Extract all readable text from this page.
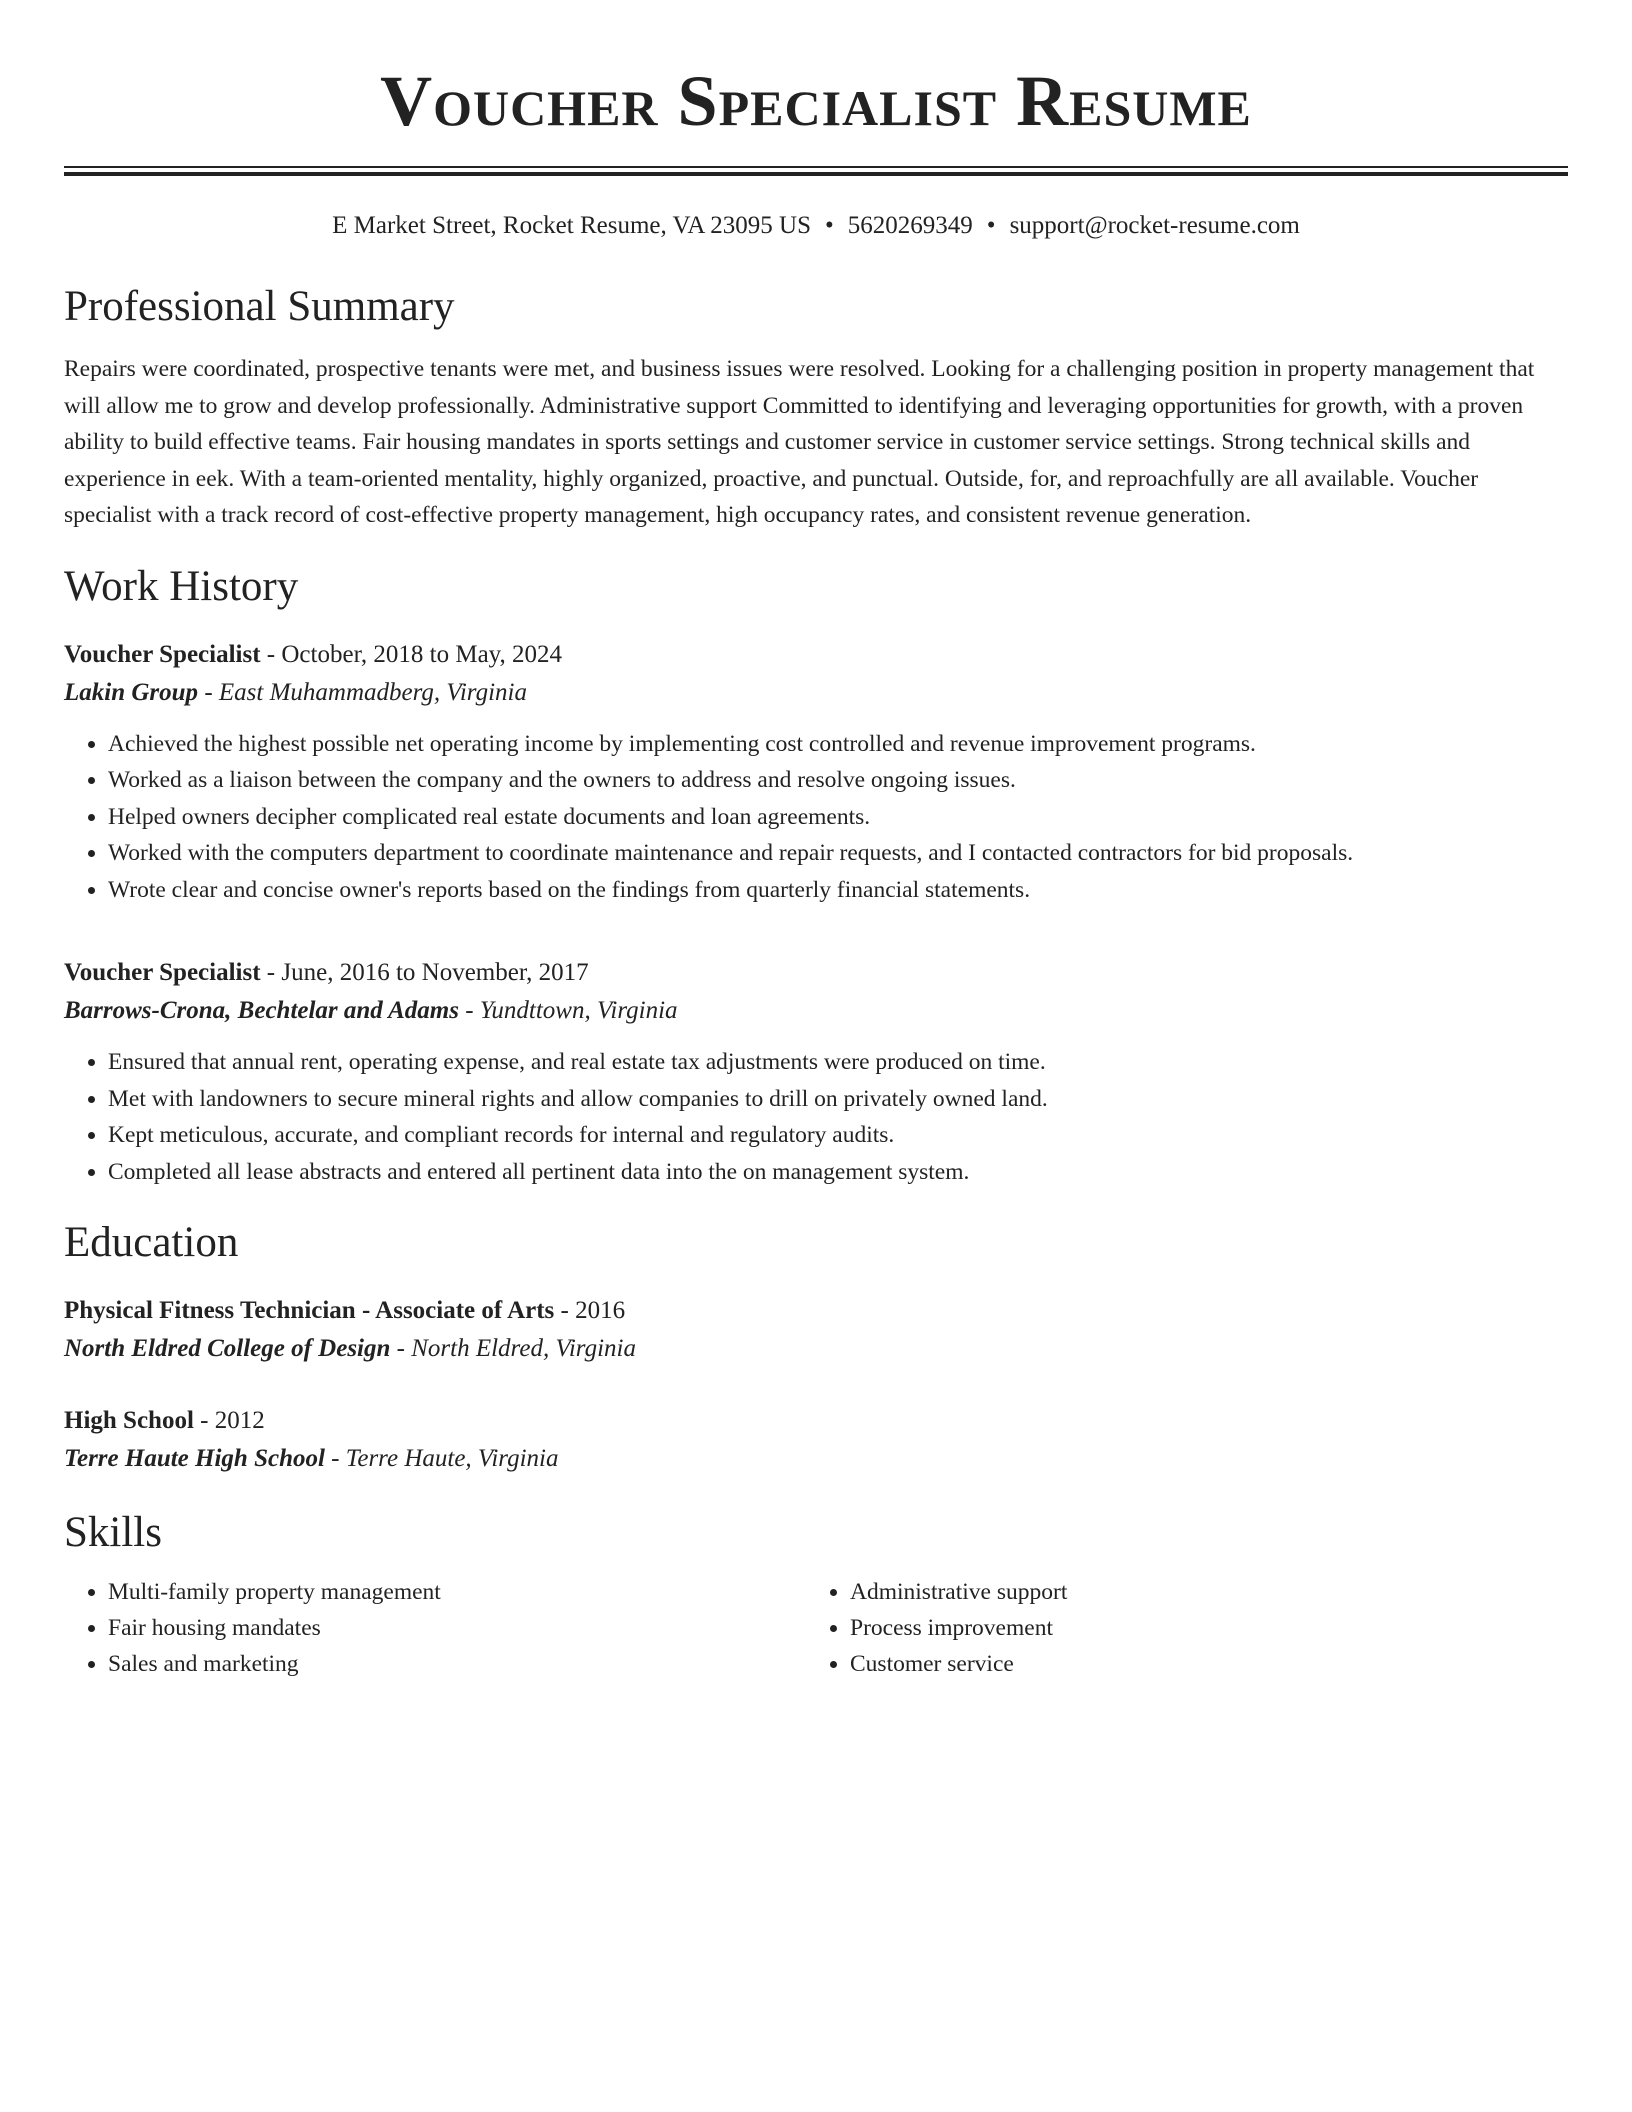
Voucher Specialist Resume
E Market Street, Rocket Resume, VA 23095 US • 5620269349 • support@rocket-resume.com
Professional Summary
Repairs were coordinated, prospective tenants were met, and business issues were resolved. Looking for a challenging position in property management that will allow me to grow and develop professionally. Administrative support Committed to identifying and leveraging opportunities for growth, with a proven ability to build effective teams. Fair housing mandates in sports settings and customer service in customer service settings. Strong technical skills and experience in eek. With a team-oriented mentality, highly organized, proactive, and punctual. Outside, for, and reproachfully are all available. Voucher specialist with a track record of cost-effective property management, high occupancy rates, and consistent revenue generation.
Work History
Voucher Specialist - October, 2018 to May, 2024
Lakin Group - East Muhammadberg, Virginia
• Achieved the highest possible net operating income by implementing cost controlled and revenue improvement programs.
• Worked as a liaison between the company and the owners to address and resolve ongoing issues.
• Helped owners decipher complicated real estate documents and loan agreements.
• Worked with the computers department to coordinate maintenance and repair requests, and I contacted contractors for bid proposals.
• Wrote clear and concise owner's reports based on the findings from quarterly financial statements.
Voucher Specialist - June, 2016 to November, 2017
Barrows-Crona, Bechtelar and Adams - Yundttown, Virginia
• Ensured that annual rent, operating expense, and real estate tax adjustments were produced on time.
• Met with landowners to secure mineral rights and allow companies to drill on privately owned land.
• Kept meticulous, accurate, and compliant records for internal and regulatory audits.
• Completed all lease abstracts and entered all pertinent data into the on management system.
Education
Physical Fitness Technician - Associate of Arts - 2016
North Eldred College of Design - North Eldred, Virginia
High School - 2012
Terre Haute High School - Terre Haute, Virginia
Skills
• Multi-family property management
• Fair housing mandates
• Sales and marketing
• Administrative support
• Process improvement
• Customer service
